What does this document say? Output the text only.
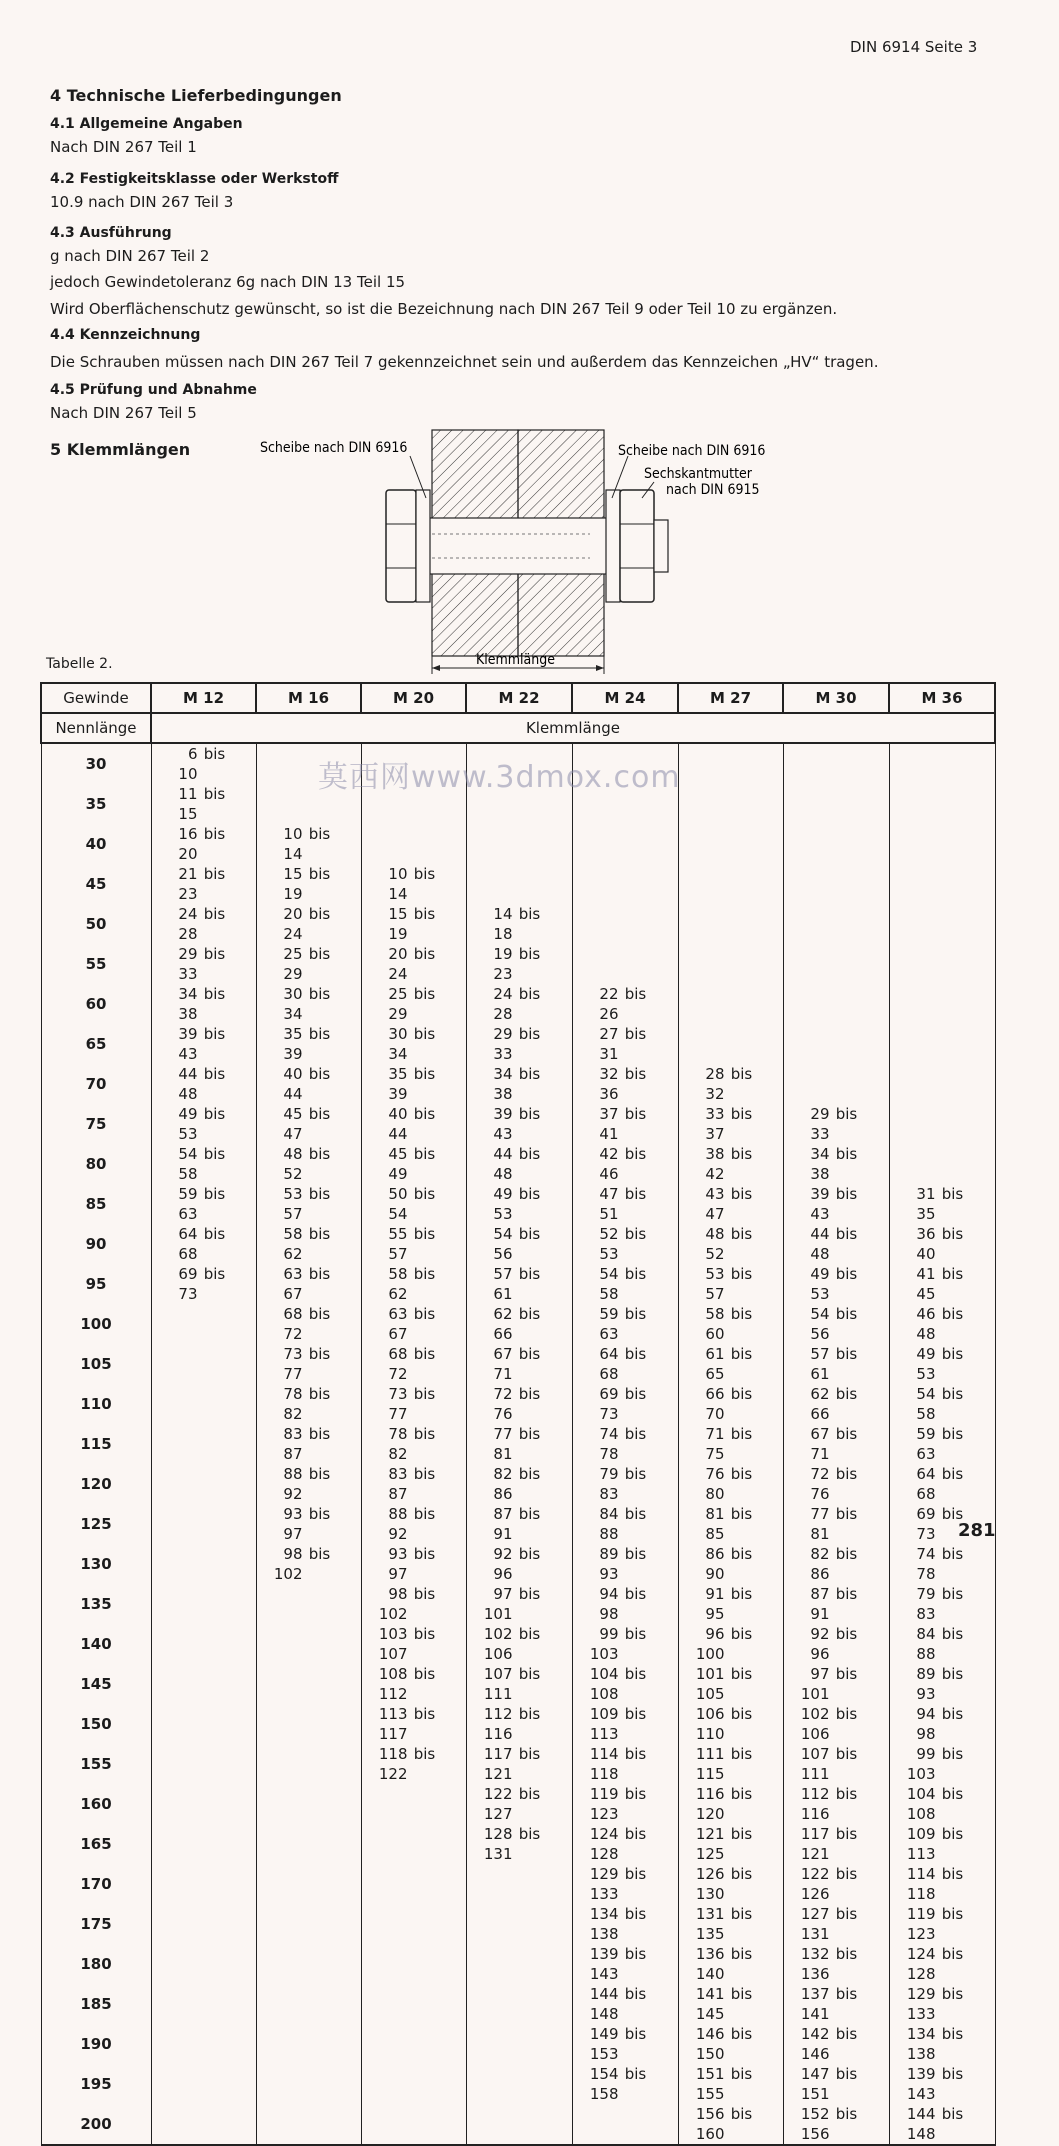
DIN 6914 Seite 3
4 Technische Lieferbedingungen
4.1 Allgemeine Angaben
Nach DIN 267 Teil 1
4.2 Festigkeitsklasse oder Werkstoff
10.9 nach DIN 267 Teil 3
4.3 Ausführung
g nach DIN 267 Teil 2
jedoch Gewindetoleranz 6g nach DIN 13 Teil 15
Wird Oberflächenschutz gewünscht, so ist die Bezeichnung nach DIN 267 Teil 9 oder Teil 10 zu ergänzen.
4.4 Kennzeichnung
Die Schrauben müssen nach DIN 267 Teil 7 gekennzeichnet sein und außerdem das Kennzeichen „HV“ tragen.
4.5 Prüfung und Abnahme
Nach DIN 267 Teil 5
5 Klemmlängen	Scheibe nach DIN 6916	Scheibe nach DIN 6916
Sechskantmutter
nach DIN 6915
Klemmlänge
Tabelle 2.
Gewinde	M 12	M 16	M 20	M 22	M 24	M 27	M 30	M 36
Nennlänge	Klemmlänge							
30	6 bis10							
35	11 bis15							
40	16 bis20	10 bis14						
45	21 bis23	15 bis19	10 bis14					
50	24 bis28	20 bis24	15 bis19	14 bis18				
55	29 bis33	25 bis29	20 bis24	19 bis23				
60	34 bis38	30 bis34	25 bis29	24 bis28	22 bis26			
65	39 bis43	35 bis39	30 bis34	29 bis33	27 bis31			
70	44 bis48	40 bis44	35 bis39	34 bis38	32 bis36	28 bis32		
75	49 bis53	45 bis47	40 bis44	39 bis43	37 bis41	33 bis37	29 bis33	
80	54 bis58	48 bis52	45 bis49	44 bis48	42 bis46	38 bis42	34 bis38	
85	59 bis63	53 bis57	50 bis54	49 bis53	47 bis51	43 bis47	39 bis43	31 bis35
90	64 bis68	58 bis62	55 bis57	54 bis56	52 bis53	48 bis52	44 bis48	36 bis40
95	69 bis73	63 bis67	58 bis62	57 bis61	54 bis58	53 bis57	49 bis53	41 bis45
100		68 bis72	63 bis67	62 bis66	59 bis63	58 bis60	54 bis56	46 bis48
105		73 bis77	68 bis72	67 bis71	64 bis68	61 bis65	57 bis61	49 bis53
110		78 bis82	73 bis77	72 bis76	69 bis73	66 bis70	62 bis66	54 bis58
115		83 bis87	78 bis82	77 bis81	74 bis78	71 bis75	67 bis71	59 bis63
120		88 bis92	83 bis87	82 bis86	79 bis83	76 bis80	72 bis76	64 bis68
125		93 bis97	88 bis92	87 bis91	84 bis88	81 bis85	77 bis81	69 bis73
130		98 bis102	93 bis97	92 bis96	89 bis93	86 bis90	82 bis86	74 bis78
135			98 bis102	97 bis101	94 bis98	91 bis95	87 bis91	79 bis83
140			103 bis107	102 bis106	99 bis103	96 bis100	92 bis96	84 bis88
145			108 bis112	107 bis111	104 bis108	101 bis105	97 bis101	89 bis93
150			113 bis117	112 bis116	109 bis113	106 bis110	102 bis106	94 bis98
155			118 bis122	117 bis121	114 bis118	111 bis115	107 bis111	99 bis103
160				122 bis127	119 bis123	116 bis120	112 bis116	104 bis108
165				128 bis131	124 bis128	121 bis125	117 bis121	109 bis113
170					129 bis133	126 bis130	122 bis126	114 bis118
175					134 bis138	131 bis135	127 bis131	119 bis123
180					139 bis143	136 bis140	132 bis136	124 bis128
185					144 bis148	141 bis145	137 bis141	129 bis133
190					149 bis153	146 bis150	142 bis146	134 bis138
195					154 bis158	151 bis155	147 bis151	139 bis143
200						156 bis160	152 bis156	144 bis148
莫西网www.3dmox.com
281
